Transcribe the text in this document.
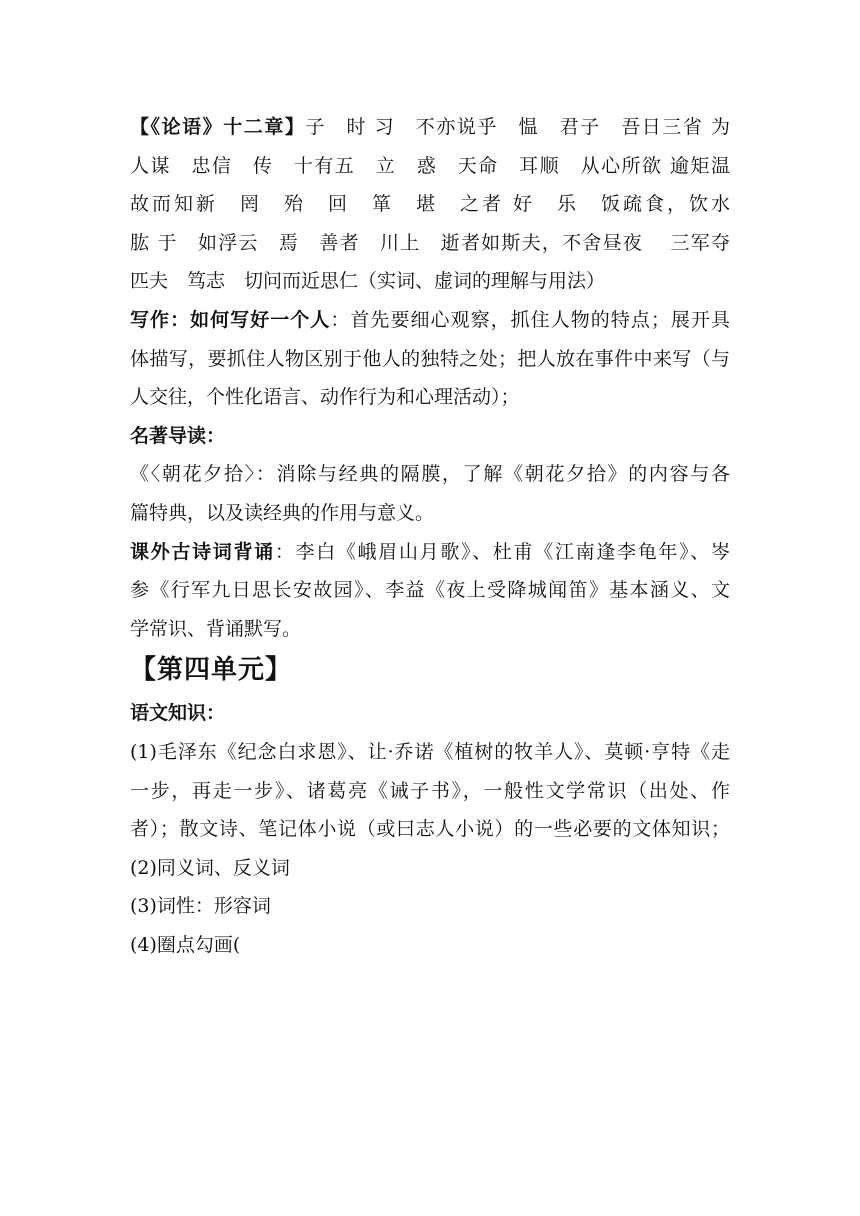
【《论语》十二章】子　时 习　不亦说乎　愠　君子　吾日三省 为

人谋　忠信　传　十有五　立　惑　天命　耳顺　从心所欲 逾矩温

故而知新　罔　殆　回　箪　堪　之者 好　乐　饭疏食，饮水

肱 于　如浮云　焉　善者　川上　逝者如斯夫，不舍昼夜　 三军夺

匹夫　笃志　切问而近思仁（实词、虚词的理解与用法）

写作：如何写好一个人：首先要细心观察，抓住人物的特点；展开具

体描写，要抓住人物区别于他人的独特之处；把人放在事件中来写（与

人交往，个性化语言、动作行为和心理活动）；

名著导读：

《〈朝花夕拾〉：消除与经典的隔膜，了解《朝花夕拾》的内容与各

篇特典，以及读经典的作用与意义。

课外古诗词背诵：李白《峨眉山月歌》、杜甫《江南逢李龟年》、岑

参《行军九日思长安故园》、李益《夜上受降城闻笛》基本涵义、文

学常识、背诵默写。

【第四单元】

语文知识：

(1)毛泽东《纪念白求恩》、让·乔诺《植树的牧羊人》、莫顿·亨特《走

一步，再走一步》、诸葛亮《诫子书》，一般性文学常识（出处、作

者）；散文诗、笔记体小说（或曰志人小说）的一些必要的文体知识；

(2)同义词、反义词

(3)词性：形容词

(4)圈点勾画(
